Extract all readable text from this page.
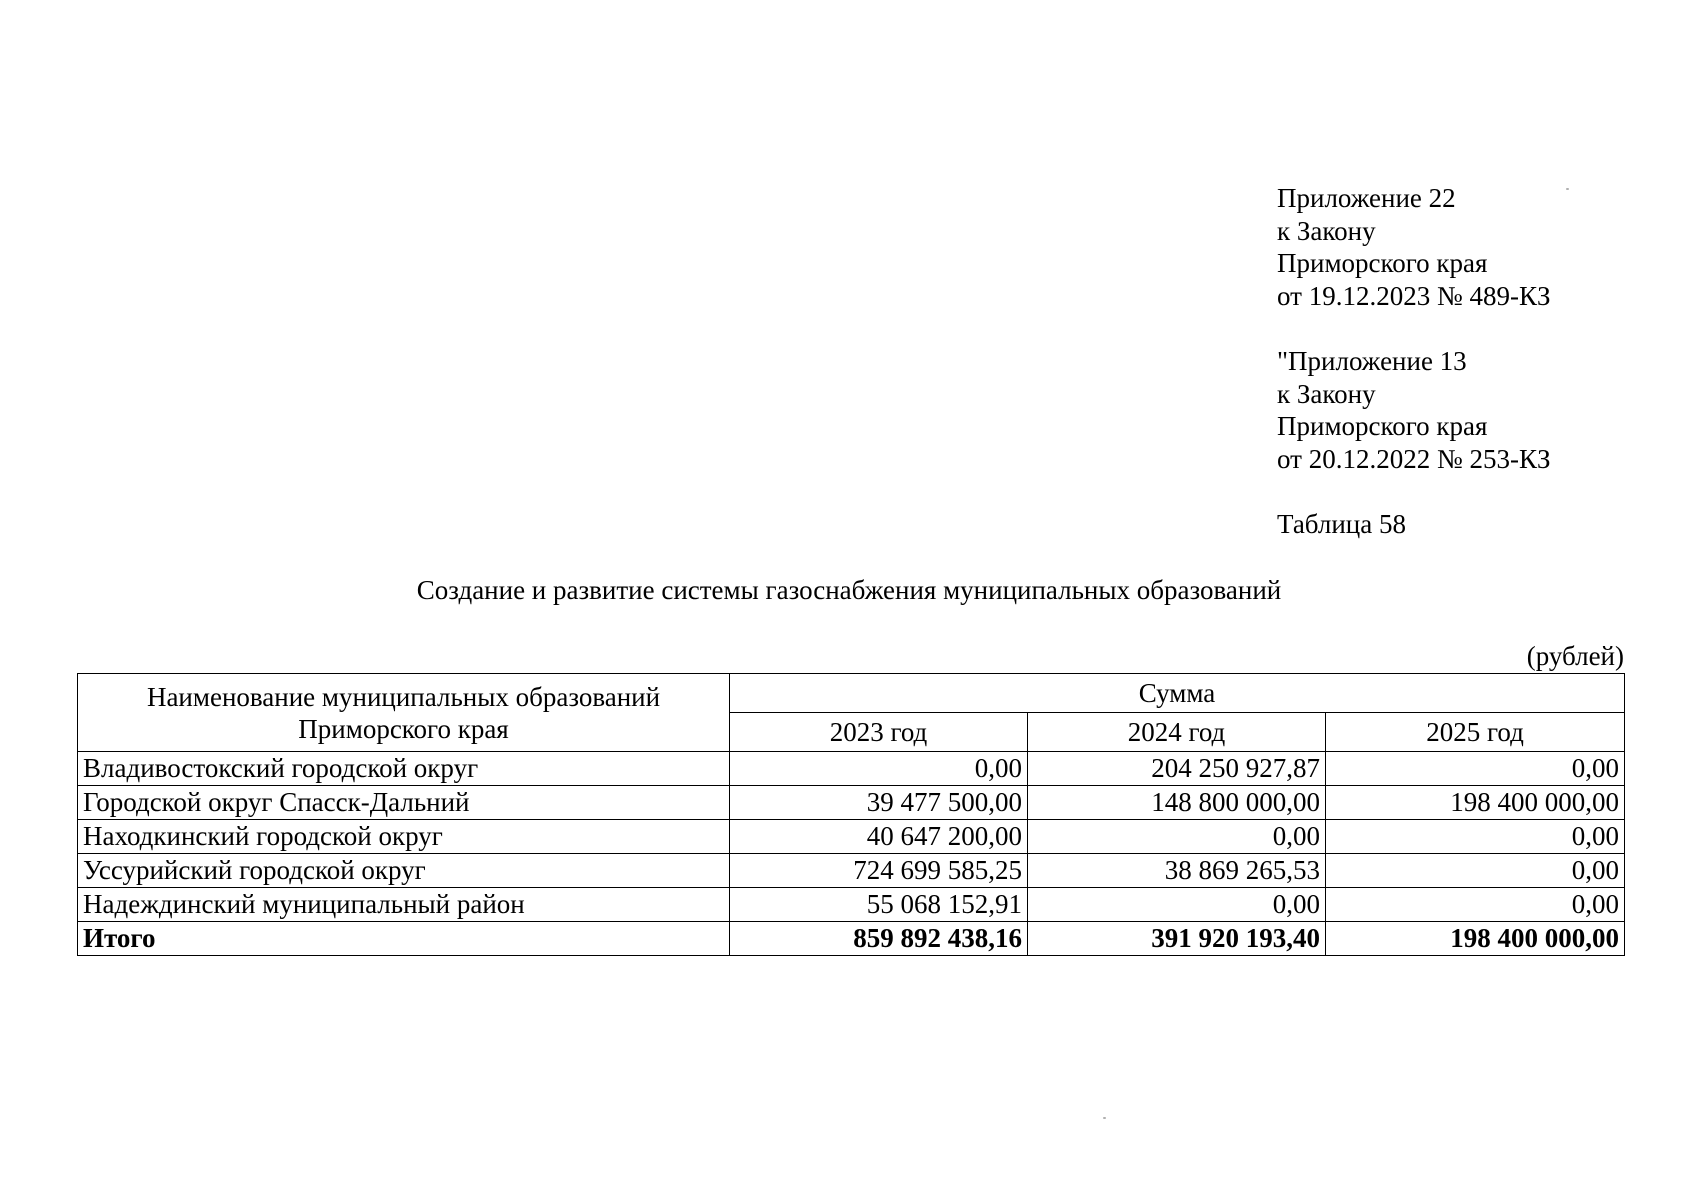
Приложение 22
к Закону
Приморского края
от 19.12.2023 № 489-КЗ
"Приложение 13
к Закону
Приморского края
от 20.12.2022 № 253-КЗ
Таблица 58
Создание и развитие системы газоснабжения муниципальных образований
(рублей)
Наименование муниципальных образований Приморского края	Сумма		
	2023 год	2024 год	2025 год
Владивостокский городской округ	0,00	204 250 927,87	0,00
Городской округ Спасск-Дальний	39 477 500,00	148 800 000,00	198 400 000,00
Находкинский городской округ	40 647 200,00	0,00	0,00
Уссурийский городской округ	724 699 585,25	38 869 265,53	0,00
Надеждинский муниципальный район	55 068 152,91	0,00	0,00
Итого	859 892 438,16	391 920 193,40	198 400 000,00
